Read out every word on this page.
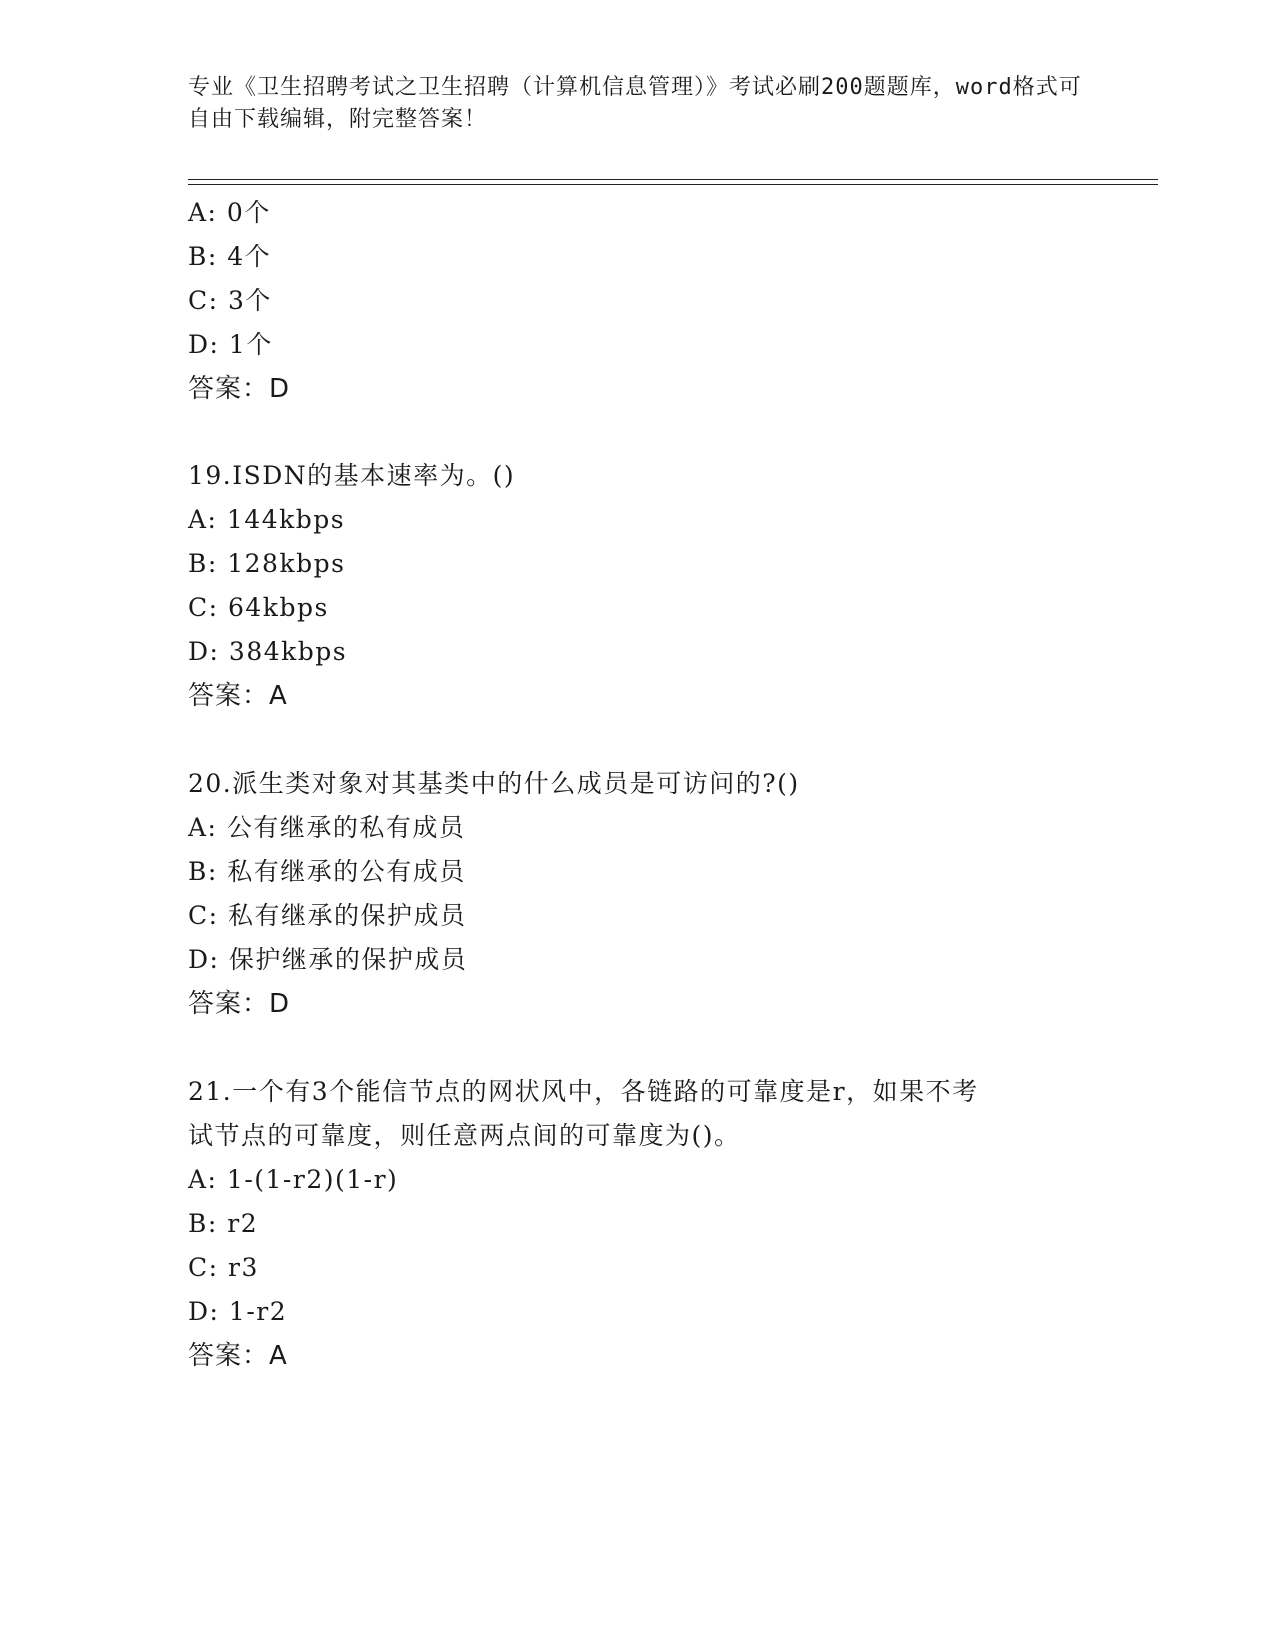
专业《卫生招聘考试之卫生招聘（计算机信息管理）》考试必刷200题题库，word格式可自由下载编辑，附完整答案！
A: 0个
B: 4个
C: 3个
D: 1个
答案：D
19.ISDN的基本速率为。()
A: 144kbps
B: 128kbps
C: 64kbps
D: 384kbps
答案：A
20.派生类对象对其基类中的什么成员是可访问的?()
A: 公有继承的私有成员
B: 私有继承的公有成员
C: 私有继承的保护成员
D: 保护继承的保护成员
答案：D
21.一个有3个能信节点的网状风中，各链路的可靠度是r，如果不考
试节点的可靠度，则任意两点间的可靠度为()。
A: 1-(1-r2)(1-r)
B: r2
C: r3
D: 1-r2
答案：A
